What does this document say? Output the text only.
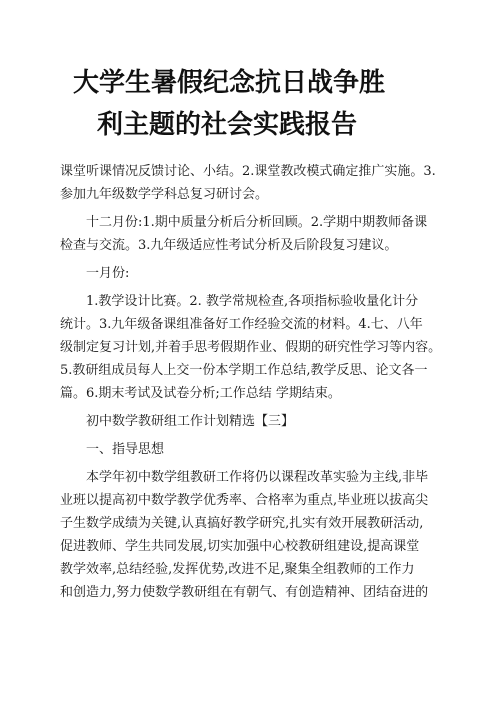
大学生暑假纪念抗日战争胜
利主题的社会实践报告
课堂听课情况反馈讨论、小结。2.课堂教改模式确定推广实施。3.
参加九年级数学学科总复习研讨会。
十二月份:1.期中质量分析后分析回顾。2.学期中期教师备课
检查与交流。3.九年级适应性考试分析及后阶段复习建议。
一月份:
1.教学设计比赛。2. 教学常规检查,各项指标验收量化计分
统计。3.九年级备课组准备好工作经验交流的材料。4.七、八年
级制定复习计划,并着手思考假期作业、假期的研究性学习等内容。
5.教研组成员每人上交一份本学期工作总结,教学反思、论文各一
篇。6.期末考试及试卷分析;工作总结 学期结束。
初中数学教研组工作计划精选【三】
一、指导思想
本学年初中数学组教研工作将仍以课程改革实验为主线,非毕
业班以提高初中数学教学优秀率、合格率为重点,毕业班以拔高尖
子生数学成绩为关键,认真搞好教学研究,扎实有效开展教研活动,
促进教师、学生共同发展,切实加强中心校教研组建设,提高课堂
教学效率,总结经验,发挥优势,改进不足,聚集全组教师的工作力
和创造力,努力使数学教研组在有朝气、有创造精神、团结奋进的
